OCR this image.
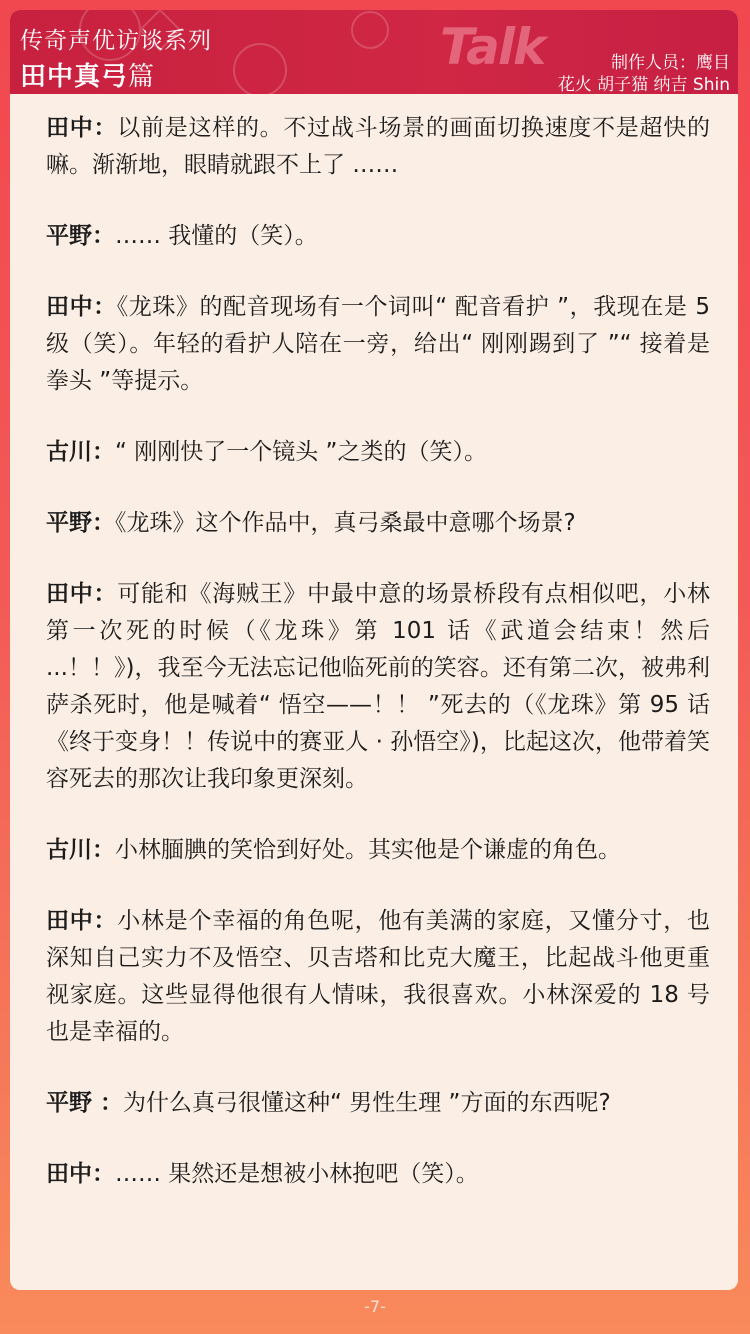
Talk
传奇声优访谈系列
田中真弓篇	制作人员：鹰目
花火 胡子猫 纳吉 Shin

田中：以前是这样的。不过战斗场景的画面切换速度不是超快的嘛。渐渐地，眼睛就跟不上了 ……

平野：…… 我懂的（笑）。

田中：《龙珠》的配音现场有一个词叫“ 配音看护 ”，我现在是 5 级（笑）。年轻的看护人陪在一旁，给出“ 刚刚踢到了 ”“ 接着是拳头 ”等提示。

古川：“ 刚刚快了一个镜头 ”之类的（笑）。

平野：《龙珠》这个作品中，真弓桑最中意哪个场景?

田中：可能和《海贼王》中最中意的场景桥段有点相似吧，小林第一次死的时候（《龙珠》第 101 话《武道会结束！然后 ...！！》)，我至今无法忘记他临死前的笑容。还有第二次，被弗利萨杀死时，他是喊着“ 悟空——！！ ”死去的（《龙珠》第 95 话《终于变身！！传说中的赛亚人 · 孙悟空》)，比起这次，他带着笑容死去的那次让我印象更深刻。

古川：小林腼腆的笑恰到好处。其实他是个谦虚的角色。

田中：小林是个幸福的角色呢，他有美满的家庭，又懂分寸，也深知自己实力不及悟空、贝吉塔和比克大魔王，比起战斗他更重视家庭。这些显得他很有人情味，我很喜欢。小林深爱的 18 号也是幸福的。

平野 ：为什么真弓很懂这种“ 男性生理 ”方面的东西呢?

田中：…… 果然还是想被小林抱吧（笑）。

-7-
